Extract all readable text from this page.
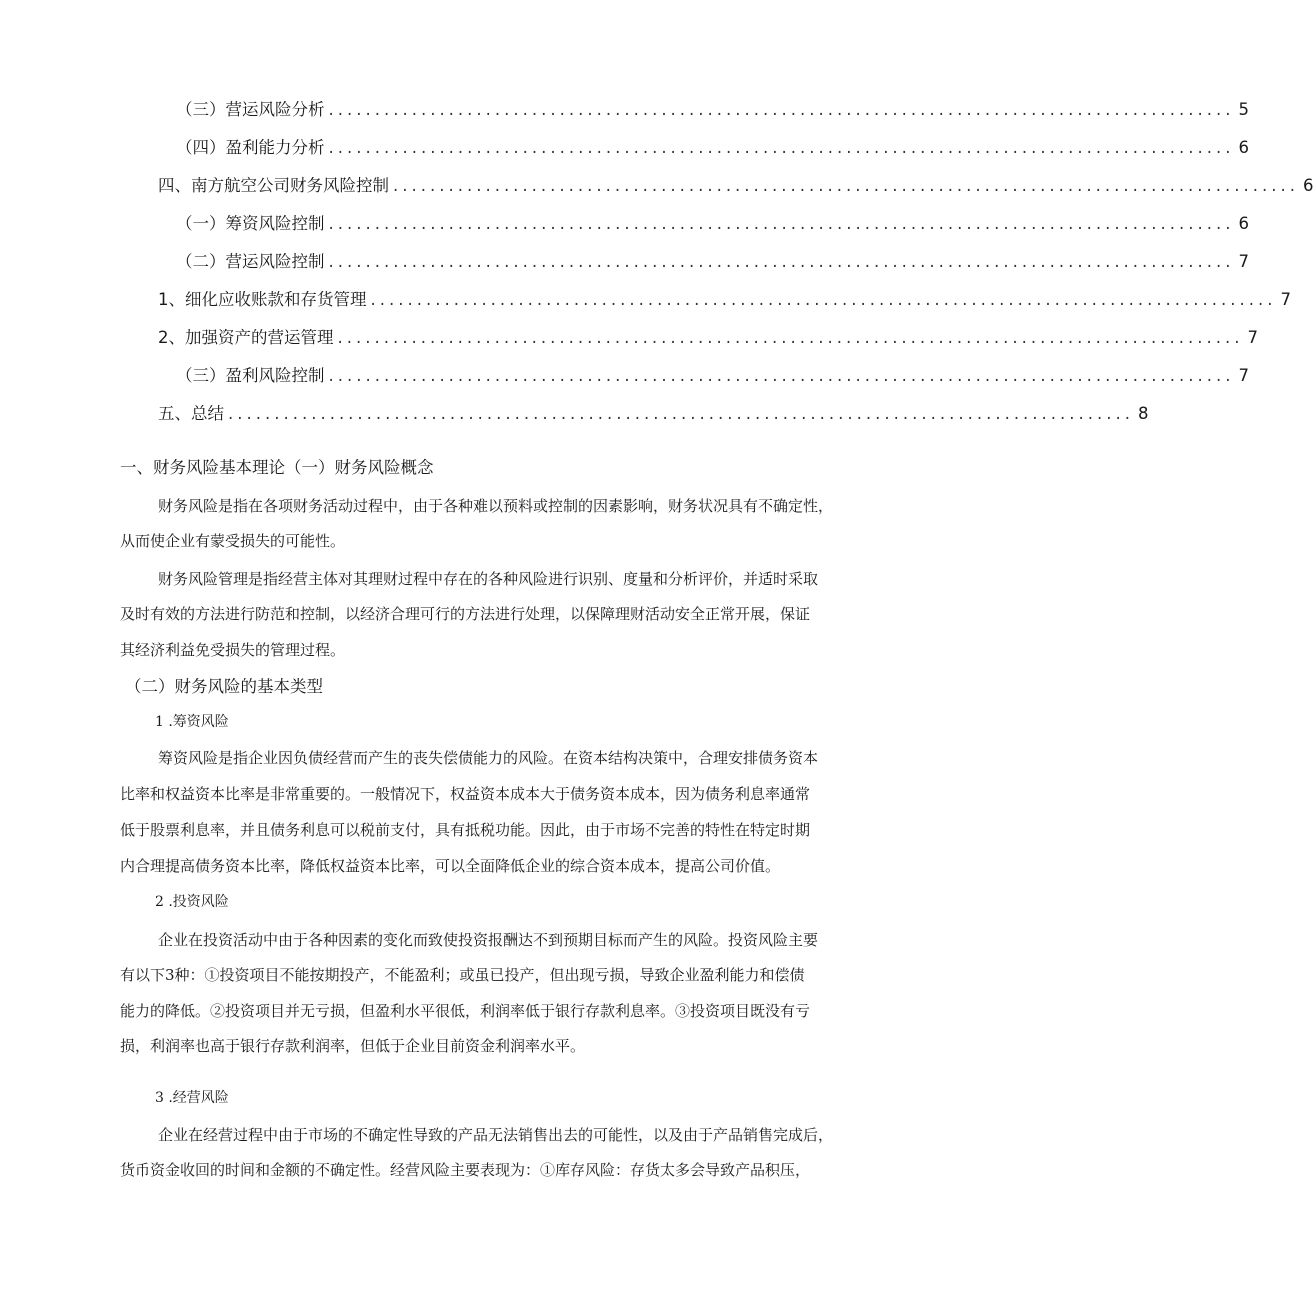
（三）营运风险分析 .................................................................................................. 5
（四）盈利能力分析 .................................................................................................. 6
四、南方航空公司财务风险控制 .................................................................................................. 6
（一）筹资风险控制 .................................................................................................. 6
（二）营运风险控制 .................................................................................................. 7
1、细化应收账款和存货管理 .................................................................................................. 7
2、加强资产的营运管理 .................................................................................................. 7
（三）盈利风险控制 .................................................................................................. 7
五、总结 .................................................................................................. 8
一、财务风险基本理论（一）财务风险概念
财务风险是指在各项财务活动过程中，由于各种难以预料或控制的因素影响，财务状况具有不确定性，
从而使企业有蒙受损失的可能性。
财务风险管理是指经营主体对其理财过程中存在的各种风险进行识别、度量和分析评价，并适时采取
及时有效的方法进行防范和控制，以经济合理可行的方法进行处理，以保障理财活动安全正常开展，保证
其经济利益免受损失的管理过程。
（二）财务风险的基本类型
1 .筹资风险
筹资风险是指企业因负债经营而产生的丧失偿债能力的风险。在资本结构决策中，合理安排债务资本
比率和权益资本比率是非常重要的。一般情况下，权益资本成本大于债务资本成本，因为债务利息率通常
低于股票利息率，并且债务利息可以税前支付，具有抵税功能。因此，由于市场不完善的特性在特定时期
内合理提高债务资本比率，降低权益资本比率，可以全面降低企业的综合资本成本，提高公司价值。
2 .投资风险
企业在投资活动中由于各种因素的变化而致使投资报酬达不到预期目标而产生的风险。投资风险主要
有以下3种：①投资项目不能按期投产，不能盈利；或虽已投产，但出现亏损，导致企业盈利能力和偿债
能力的降低。②投资项目并无亏损，但盈利水平很低，利润率低于银行存款利息率。③投资项目既没有亏
损，利润率也高于银行存款利润率，但低于企业目前资金利润率水平。
3 .经营风险
企业在经营过程中由于市场的不确定性导致的产品无法销售出去的可能性，以及由于产品销售完成后，
货币资金收回的时间和金额的不确定性。经营风险主要表现为：①库存风险：存货太多会导致产品积压，
